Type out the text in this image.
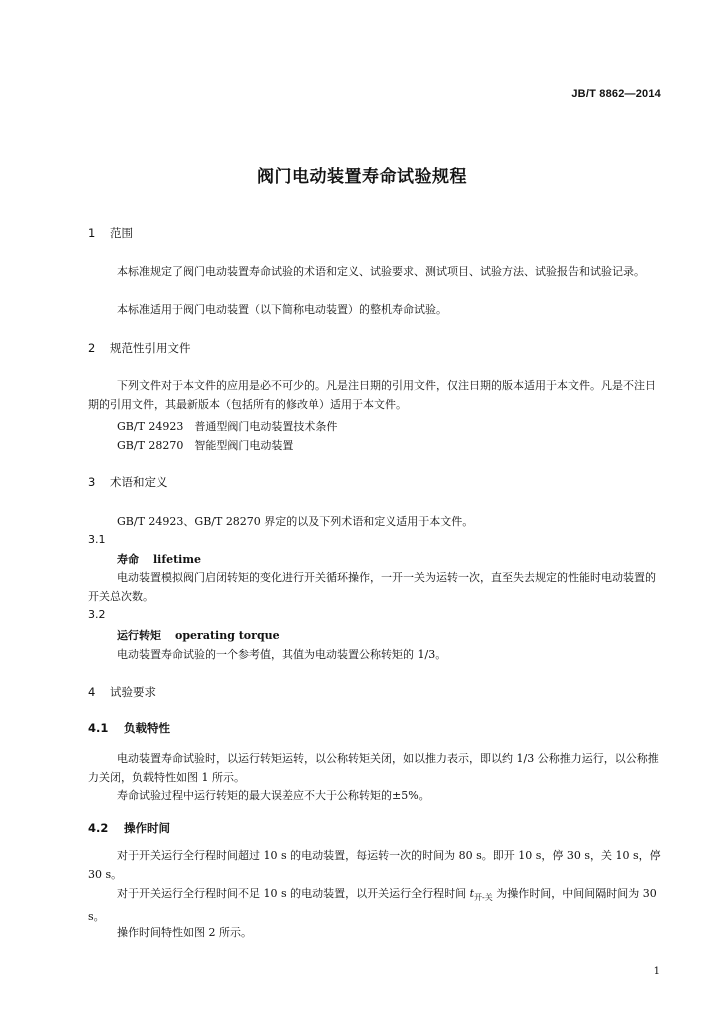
JB/T 8862—2014
阀门电动装置寿命试验规程
1 范围
本标准规定了阀门电动装置寿命试验的术语和定义、试验要求、测试项目、试验方法、试验报告和试验记录。
本标准适用于阀门电动装置（以下简称电动装置）的整机寿命试验。
2 规范性引用文件
下列文件对于本文件的应用是必不可少的。凡是注日期的引用文件，仅注日期的版本适用于本文件。凡是不注日期的引用文件，其最新版本（包括所有的修改单）适用于本文件。
GB/T 24923　普通型阀门电动装置技术条件
GB/T 28270　智能型阀门电动装置
3 术语和定义
GB/T 24923、GB/T 28270 界定的以及下列术语和定义适用于本文件。
3.1
寿命 lifetime
电动装置模拟阀门启闭转矩的变化进行开关循环操作，一开一关为运转一次，直至失去规定的性能时电动装置的开关总次数。
3.2
运行转矩 operating torque
电动装置寿命试验的一个参考值，其值为电动装置公称转矩的 1/3。
4 试验要求
4.1 负载特性
电动装置寿命试验时，以运行转矩运转，以公称转矩关闭，如以推力表示，即以约 1/3 公称推力运行，以公称推力关闭，负载特性如图 1 所示。
寿命试验过程中运行转矩的最大误差应不大于公称转矩的±5%。
4.2 操作时间
对于开关运行全行程时间超过 10 s 的电动装置，每运转一次的时间为 80 s。即开 10 s，停 30 s，关 10 s，停 30 s。
对于开关运行全行程时间不足 10 s 的电动装置，以开关运行全行程时间 $t_{开-关}$ 为操作时间，中间间隔时间为 30 s。
操作时间特性如图 2 所示。
1
